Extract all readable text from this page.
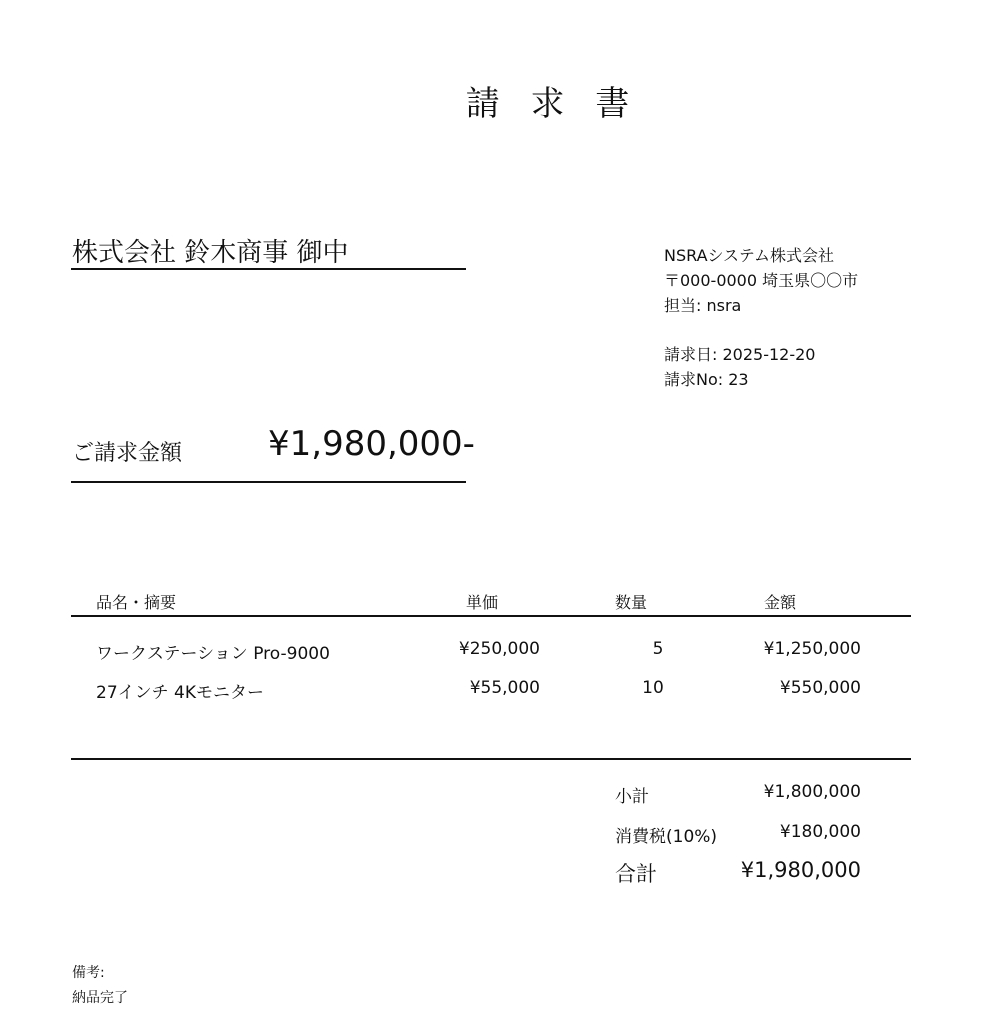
請 求 書
株式会社 鈴木商事 御中	NSRAシステム株式会社
〒000-0000 埼玉県〇〇市
担当: nsra
請求日: 2025-12-20
請求No: 23
ご請求金額	¥1,980,000-
品名・摘要	単価	数量	金額
ワークステーション Pro-9000	¥250,000	5	¥1,250,000
27インチ 4Kモニター	¥55,000	10	¥550,000
小計	¥1,800,000
消費税(10%)	¥180,000
合計	¥1,980,000
備考:
納品完了
